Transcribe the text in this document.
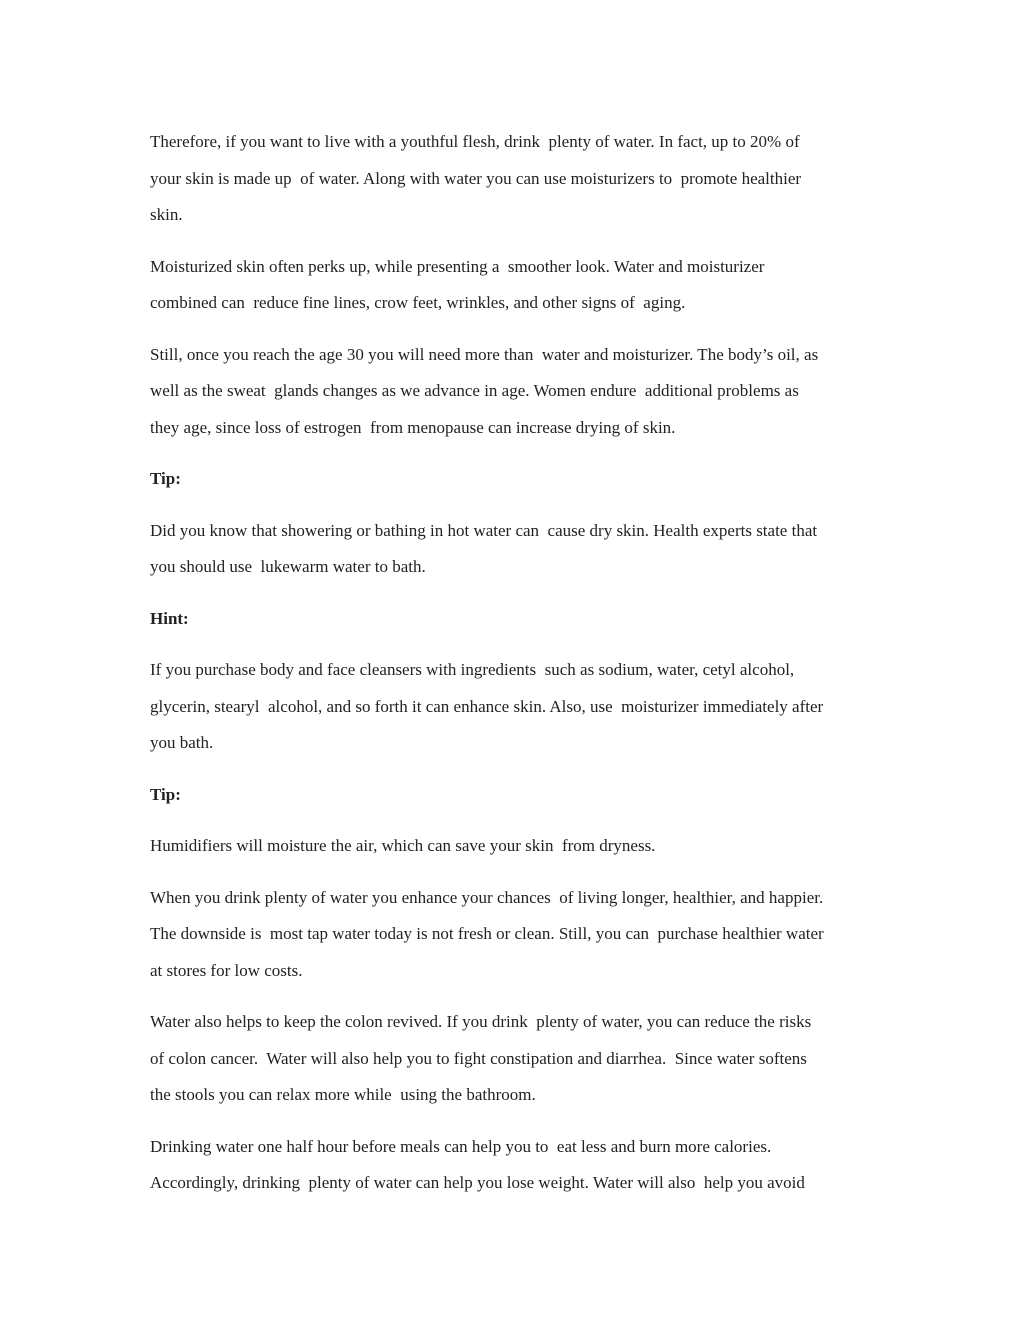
Therefore, if you want to live with a youthful flesh, drink  plenty of water. In fact, up to 20% of
your skin is made up  of water. Along with water you can use moisturizers to  promote healthier
skin.

Moisturized skin often perks up, while presenting a  smoother look. Water and moisturizer
combined can  reduce fine lines, crow feet, wrinkles, and other signs of  aging.

Still, once you reach the age 30 you will need more than  water and moisturizer. The body’s oil, as
well as the sweat  glands changes as we advance in age. Women endure  additional problems as
they age, since loss of estrogen  from menopause can increase drying of skin.

Tip:

Did you know that showering or bathing in hot water can  cause dry skin. Health experts state that
you should use  lukewarm water to bath.

Hint:

If you purchase body and face cleansers with ingredients  such as sodium, water, cetyl alcohol,
glycerin, stearyl  alcohol, and so forth it can enhance skin. Also, use  moisturizer immediately after
you bath.

Tip:

Humidifiers will moisture the air, which can save your skin  from dryness.

When you drink plenty of water you enhance your chances  of living longer, healthier, and happier.
The downside is  most tap water today is not fresh or clean. Still, you can  purchase healthier water
at stores for low costs.

Water also helps to keep the colon revived. If you drink  plenty of water, you can reduce the risks
of colon cancer.  Water will also help you to fight constipation and diarrhea.  Since water softens
the stools you can relax more while  using the bathroom.

Drinking water one half hour before meals can help you to  eat less and burn more calories.
Accordingly, drinking  plenty of water can help you lose weight. Water will also  help you avoid
